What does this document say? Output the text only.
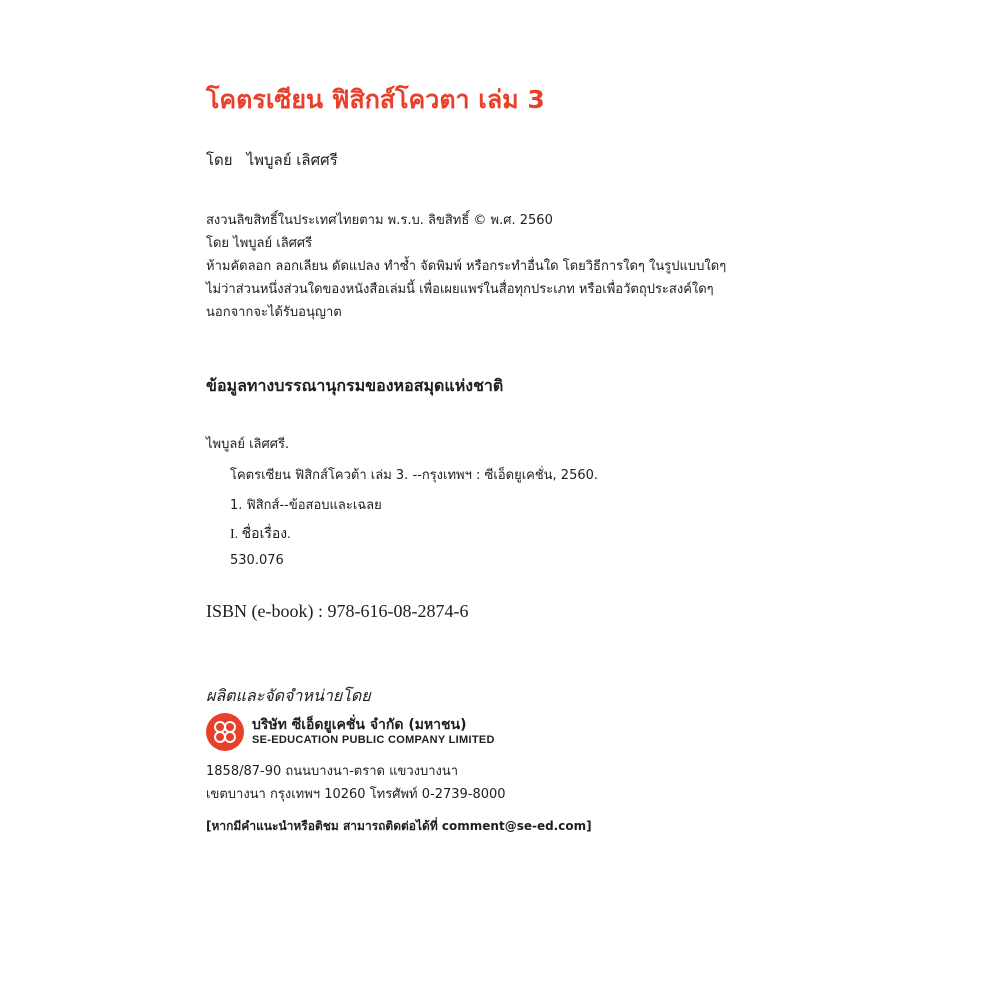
โคตรเซียน ฟิสิกส์โควตา เล่ม 3
โดย ไพบูลย์ เลิศศรี
สงวนลิขสิทธิ์ในประเทศไทยตาม พ.ร.บ. ลิขสิทธิ์ © พ.ศ. 2560
โดย ไพบูลย์ เลิศศรี
ห้ามคัดลอก ลอกเลียน ดัดแปลง ทำซ้ำ จัดพิมพ์ หรือกระทำอื่นใด โดยวิธีการใดๆ ในรูปแบบใดๆ
ไม่ว่าส่วนหนึ่งส่วนใดของหนังสือเล่มนี้ เพื่อเผยแพร่ในสื่อทุกประเภท หรือเพื่อวัตถุประสงค์ใดๆ
นอกจากจะได้รับอนุญาต
ข้อมูลทางบรรณานุกรมของหอสมุดแห่งชาติ
ไพบูลย์ เลิศศรี.
โคตรเซียน ฟิสิกส์โควต้า เล่ม 3. --กรุงเทพฯ : ซีเอ็ดยูเคชั่น, 2560.
1. ฟิสิกส์--ข้อสอบและเฉลย
I. ชื่อเรื่อง.
530.076
ISBN (e-book) : 978-616-08-2874-6
ผลิตและจัดจำหน่ายโดย
บริษัท ซีเอ็ดยูเคชั่น จำกัด (มหาชน)
SE-EDUCATION PUBLIC COMPANY LIMITED
1858/87-90 ถนนบางนา-ตราด แขวงบางนา
เขตบางนา กรุงเทพฯ 10260 โทรศัพท์ 0-2739-8000
[หากมีคำแนะนำหรือติชม สามารถติดต่อได้ที่ comment@se-ed.com]
